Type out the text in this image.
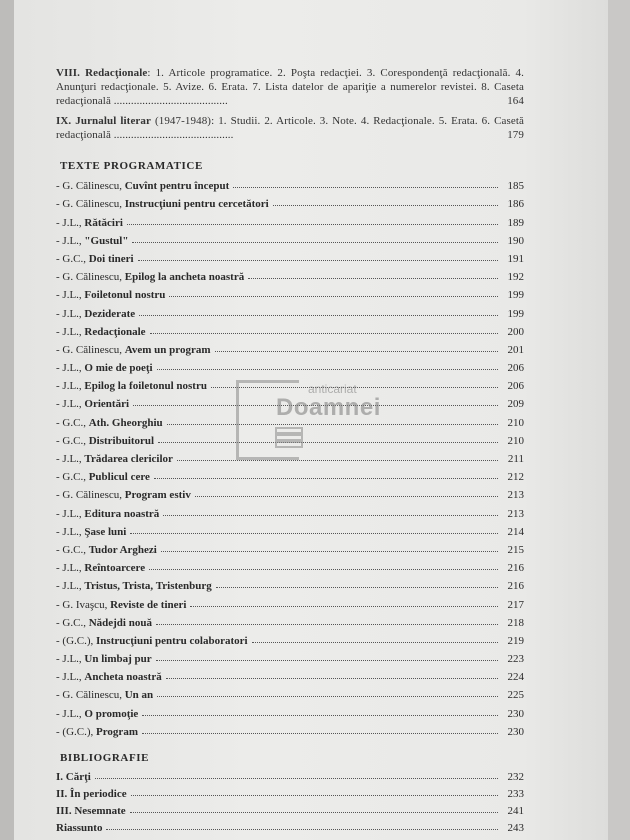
VIII. Redacţionale: 1. Articole programatice. 2. Poşta redacţiei. 3. Corespondenţă redacţională. 4. Anunţuri redacţionale. 5. Avize. 6. Erata. 7. Lista datelor de apariţie a numerelor revistei. 8. Caseta redacţională ........................................	164

IX. Jurnalul literar (1947-1948): 1. Studii. 2. Articole. 3. Note. 4. Redacţionale. 5. Erata. 6. Casetă redacţională ..........................................	179

TEXTE PROGRAMATICE
- G. Călinescu, Cuvînt pentru început	185
- G. Călinescu, Instrucţiuni pentru cercetători	186
- J.L., Rătăciri	189
- J.L., "Gustul"	190
- G.C., Doi tineri	191
- G. Călinescu, Epilog la ancheta noastră	192
- J.L., Foiletonul nostru	199
- J.L., Deziderate	199
- J.L., Redacţionale	200
- G. Călinescu, Avem un program	201
- J.L., O mie de poeţi	206
- J.L., Epilog la foiletonul nostru	206
- J.L., Orientări	209
- G.C., Ath. Gheorghiu	210
- G.C., Distribuitorul	210
- J.L., Trădarea clericilor	211
- G.C., Publicul cere	212
- G. Călinescu, Program estiv	213
- J.L., Editura noastră	213
- J.L., Şase luni	214
- G.C., Tudor Arghezi	215
- J.L., Reîntoarcere	216
- J.L., Tristus, Trista, Tristenburg	216
- G. Ivaşcu, Reviste de tineri	217
- G.C., Nădejdi nouă	218
- (G.C.), Instrucţiuni pentru colaboratori	219
- J.L., Un limbaj pur	223
- J.L., Ancheta noastră	224
- G. Călinescu, Un an	225
- J.L., O promoţie	230
- (G.C.), Program	230
BIBLIOGRAFIE
I. Cărţi	232
II. În periodice	233
III. Nesemnate	241
Riassunto	243
anticariat
Doamnei
